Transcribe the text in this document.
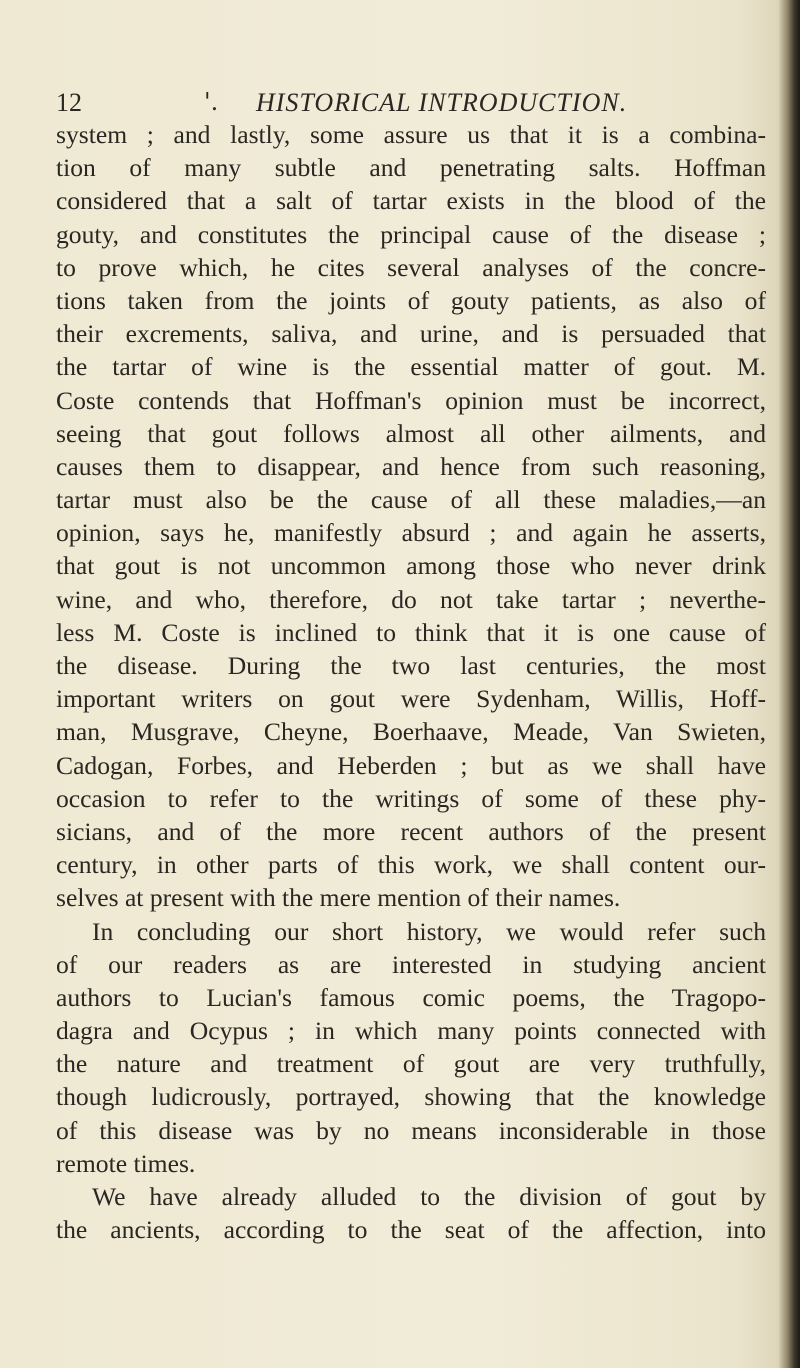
12	'. HISTORICAL INTRODUCTION.
system ; and lastly, some assure us that it is a combina-
tion of many subtle and penetrating salts. Hoffman
considered that a salt of tartar exists in the blood of the
gouty, and constitutes the principal cause of the disease ;
to prove which, he cites several analyses of the concre-
tions taken from the joints of gouty patients, as also of
their excrements, saliva, and urine, and is persuaded that
the tartar of wine is the essential matter of gout. M.
Coste contends that Hoffman's opinion must be incorrect,
seeing that gout follows almost all other ailments, and
causes them to disappear, and hence from such reasoning,
tartar must also be the cause of all these maladies,—an
opinion, says he, manifestly absurd ; and again he asserts,
that gout is not uncommon among those who never drink
wine, and who, therefore, do not take tartar ; neverthe-
less M. Coste is inclined to think that it is one cause of
the disease. During the two last centuries, the most
important writers on gout were Sydenham, Willis, Hoff-
man, Musgrave, Cheyne, Boerhaave, Meade, Van Swieten,
Cadogan, Forbes, and Heberden ; but as we shall have
occasion to refer to the writings of some of these phy-
sicians, and of the more recent authors of the present
century, in other parts of this work, we shall content our-
selves at present with the mere mention of their names.
In concluding our short history, we would refer such
of our readers as are interested in studying ancient
authors to Lucian's famous comic poems, the Tragopo-
dagra and Ocypus ; in which many points connected with
the nature and treatment of gout are very truthfully,
though ludicrously, portrayed, showing that the knowledge
of this disease was by no means inconsiderable in those
remote times.
We have already alluded to the division of gout by
the ancients, according to the seat of the affection, into
